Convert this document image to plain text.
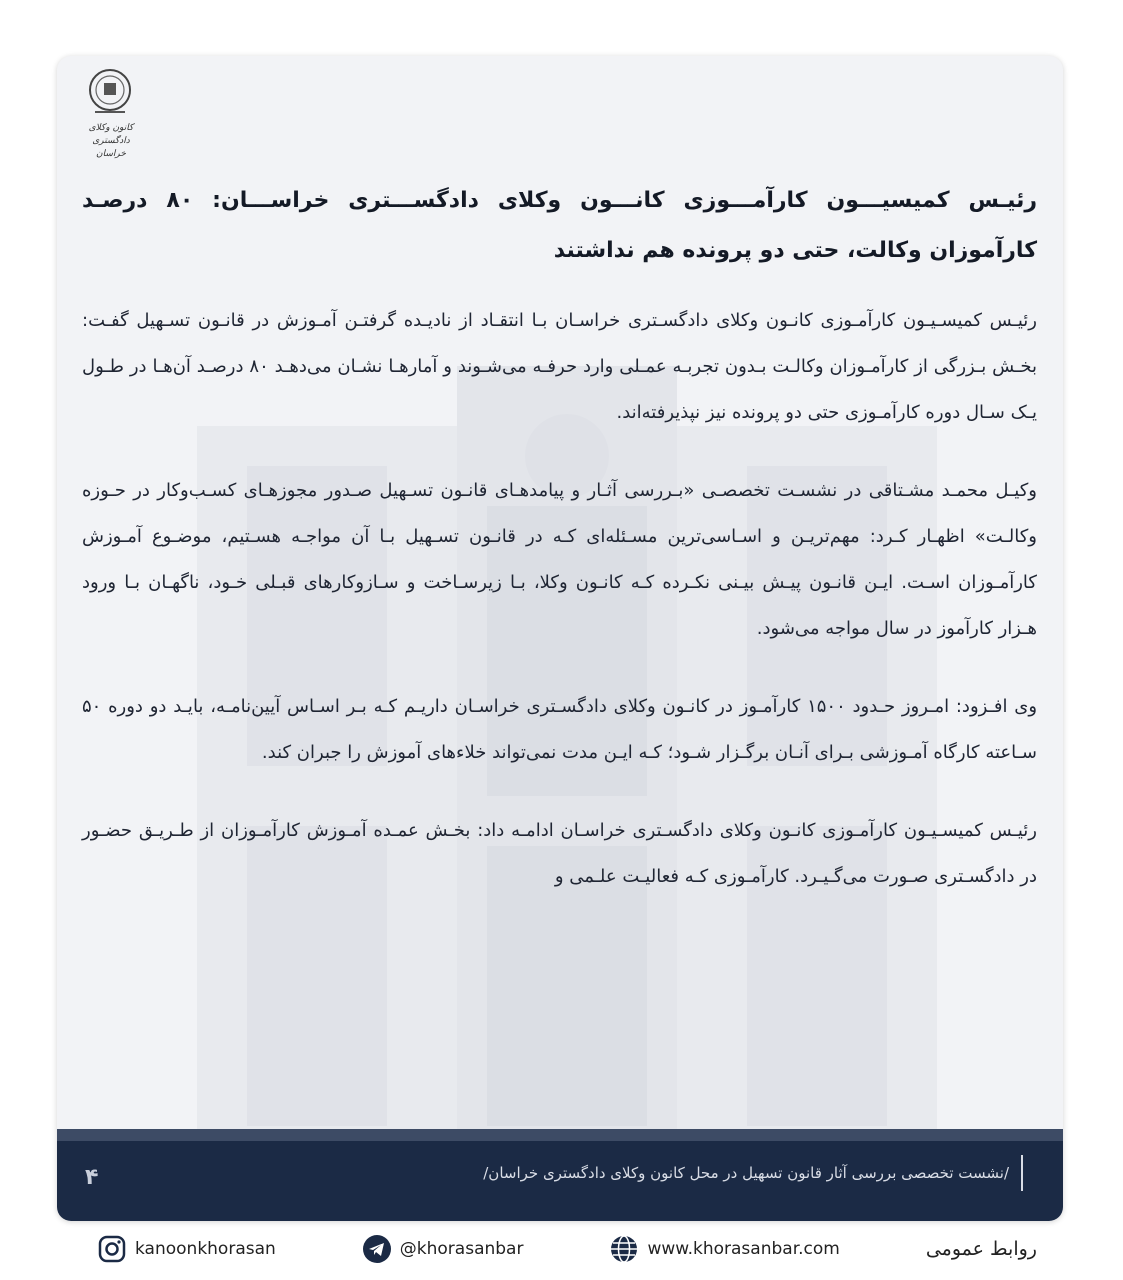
کانون وکلای دادگستری
خراسان
رئیـس کمیسیـــون کارآمـــوزی کانـــون وکلای دادگســـتری خراســـان: ۸۰ درصـد کارآموزان وکالت، حتی دو پرونده هم نداشتند

رئیـس کمیسـیـون کارآمـوزی کانـون وکلای دادگسـتری خراسـان بـا انتقـاد از نادیـده گرفتـن آمـوزش در قانـون تسـهیل گفـت: بخـش بـزرگی از کارآمـوزان وکالـت بـدون تجربـه عمـلی وارد حرفـه می‌شـوند و آمارهـا نشـان می‌دهـد ۸۰ درصـد آن‌هـا در طـول یـک سـال دوره کارآمـوزی حتی دو پرونده نیز نپذیرفته‌اند.

وکیـل محمـد مشـتاقی در نشسـت تخصصـی «بـررسی آثـار و پیامدهـای قانـون تسـهیل صـدور مجوزهـای کسـب‌وکار در حـوزه وکالـت» اظهـار کـرد: مهم‌تریـن و اسـاسی‌ترین مسـئله‌ای کـه در قانـون تسـهیل بـا آن مواجـه هسـتیم، موضـوع آمـوزش کارآمـوزان اسـت. ایـن قانـون پیـش بیـنی نکـرده کـه کانـون وکلا، بـا زیرسـاخت و سـازوکارهای قبـلی خـود، ناگهـان بـا ورود هـزار کارآموز در سال مواجه می‌شود.

وی افـزود: امـروز حـدود ۱۵۰۰ کارآمـوز در کانـون وکلای دادگسـتری خراسـان داریـم کـه بـر اسـاس آیین‌نامـه، بایـد دو دوره ۵۰ سـاعته کارگاه آمـوزشی بـرای آنـان برگـزار شـود؛ کـه ایـن مدت نمی‌تواند خلاءهای آموزش را جبران کند.

رئیـس کمیسـیـون کارآمـوزی کانـون وکلای دادگسـتری خراسـان ادامـه داد: بخـش عمـده آمـوزش کارآمـوزان از طـریـق حضـور در دادگسـتری صـورت می‌گـیـرد. کارآمـوزی کـه فعالیـت علـمی و

۴	/نشست تخصصی بررسی آثار قانون تسهیل در محل کانون وکلای دادگستری خراسان/
kanoonkhorasan	@khorasanbar	www.khorasanbar.com	روابط عمومی
